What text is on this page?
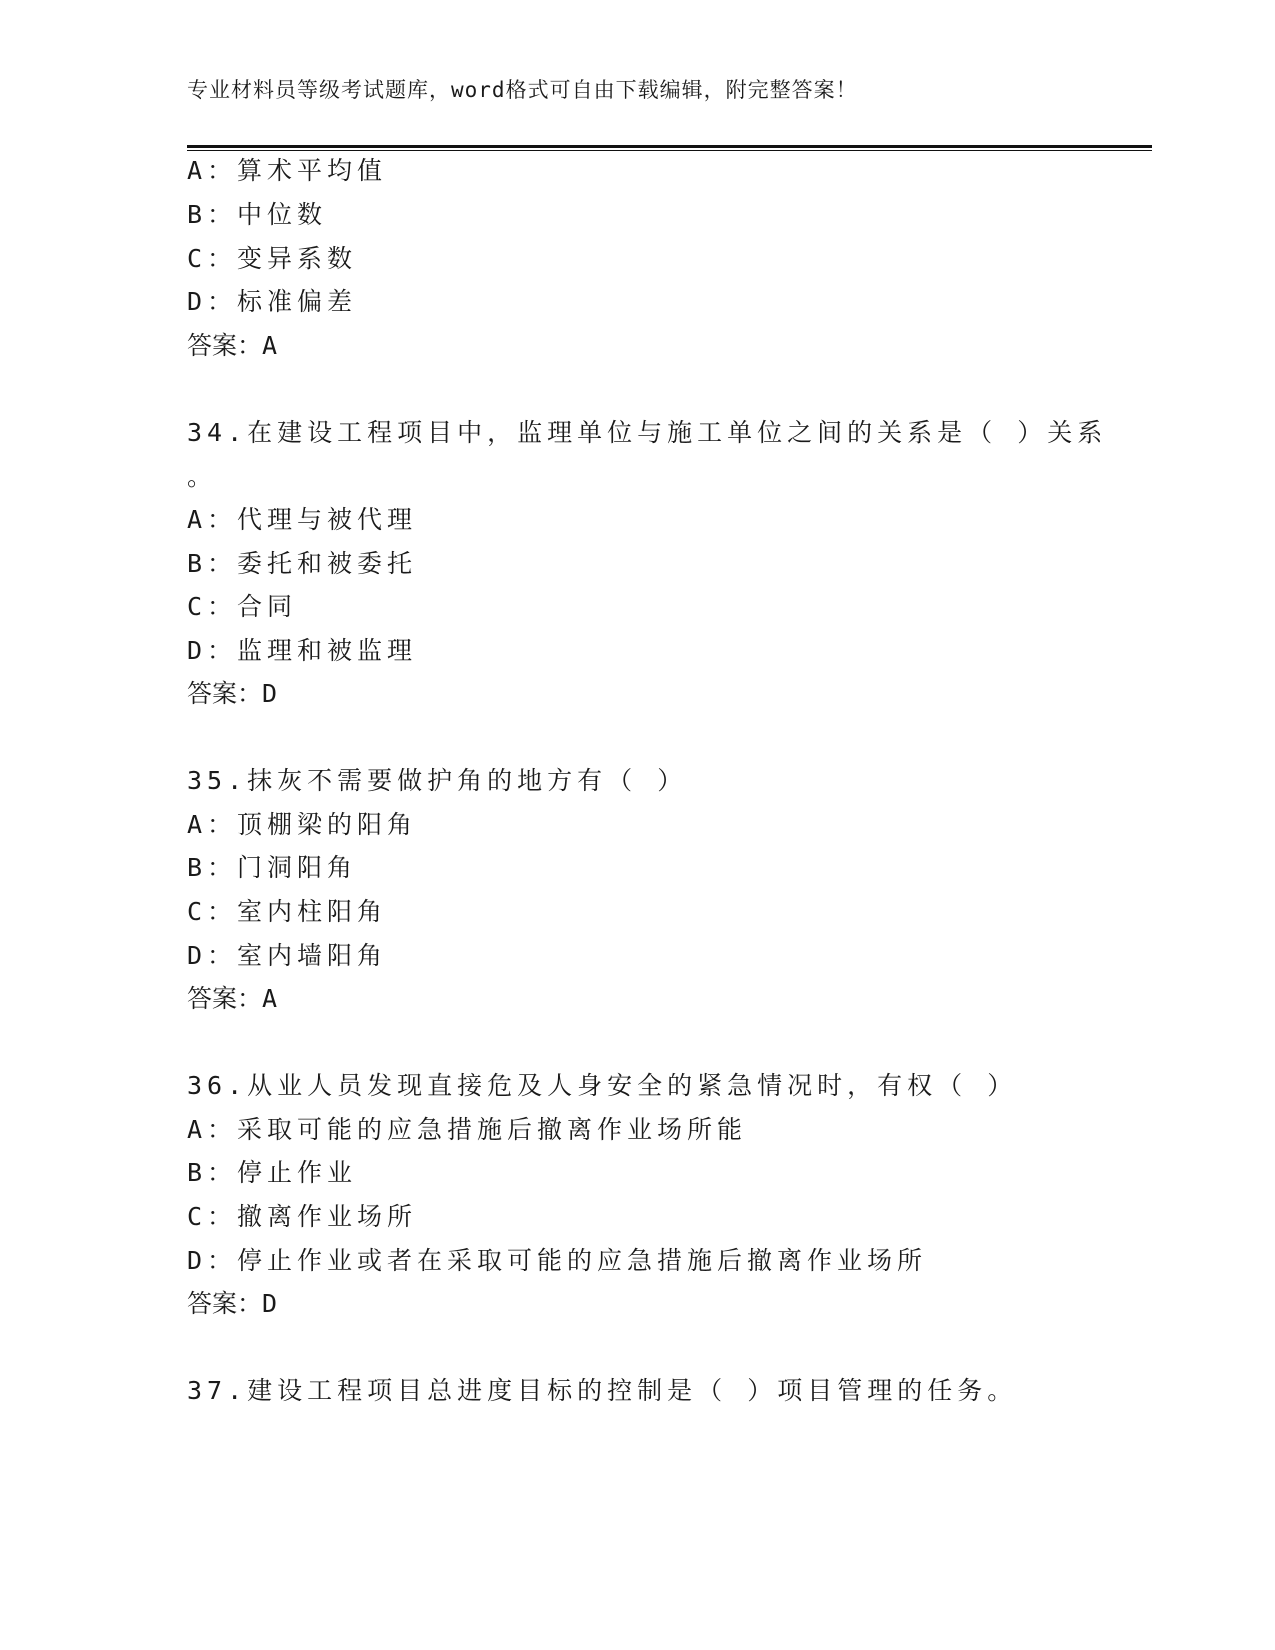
专业材料员等级考试题库，word格式可自由下载编辑，附完整答案！
A：算术平均值
B：中位数
C：变异系数
D：标准偏差
答案：A
34.在建设工程项目中，监理单位与施工单位之间的关系是（ ）关系
。
A：代理与被代理
B：委托和被委托
C：合同
D：监理和被监理
答案：D
35.抹灰不需要做护角的地方有（ ）
A：顶棚梁的阳角
B：门洞阳角
C：室内柱阳角
D：室内墙阳角
答案：A
36.从业人员发现直接危及人身安全的紧急情况时，有权（ ）
A：采取可能的应急措施后撤离作业场所能
B：停止作业
C：撤离作业场所
D：停止作业或者在采取可能的应急措施后撤离作业场所
答案：D
37.建设工程项目总进度目标的控制是（ ）项目管理的任务。
